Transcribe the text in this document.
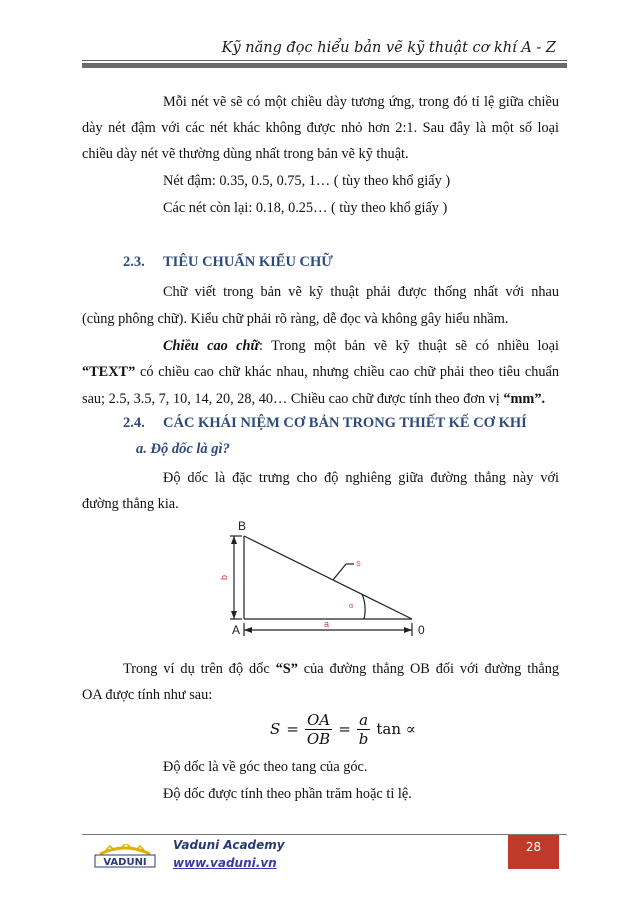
Kỹ năng đọc hiểu bản vẽ kỹ thuật cơ khí A - Z
Mỗi nét vẽ sẽ có một chiều dày tương ứng, trong đó tỉ lệ giữa chiều
dày nét đậm với các nét khác không được nhỏ hơn 2:1. Sau đây là một số loại
chiều dày nét vẽ thường dùng nhất trong bản vẽ kỹ thuật.
Nét đậm: 0.35, 0.5, 0.75, 1… ( tùy theo khổ giấy )
Các nét còn lại: 0.18, 0.25… ( tùy theo khổ giấy )
2.3. TIÊU CHUẨN KIỂU CHỮ
Chữ viết trong bản vẽ kỹ thuật phải được thống nhất với nhau
(cùng phông chữ). Kiểu chữ phải rõ ràng, dễ đọc và không gây hiểu nhầm.
Chiều cao chữ: Trong một bản vẽ kỹ thuật sẽ có nhiều loại
“TEXT” có chiều cao chữ khác nhau, nhưng chiều cao chữ phải theo tiêu chuẩn
sau; 2.5, 3.5, 7, 10, 14, 20, 28, 40… Chiều cao chữ được tính theo đơn vị “mm”.
2.4. CÁC KHÁI NIỆM CƠ BẢN TRONG THIẾT KẾ CƠ KHÍ
a. Độ dốc là gì?
Độ dốc là đặc trưng cho độ nghiêng giữa đường thẳng này với
đường thẳng kia.
B
A	0
b
a
S
α
Trong ví dụ trên độ dốc “S” của đường thẳng OB đối với đường thẳng
OA được tính như sau:
$S = \frac{OA}{OB} = \frac{a}{b}$ tan ∝
Độ dốc là về góc theo tang của góc.
Độ dốc được tính theo phần trăm hoặc tỉ lệ.
VADUNI
Vaduni Academy
www.vaduni.vn
28
